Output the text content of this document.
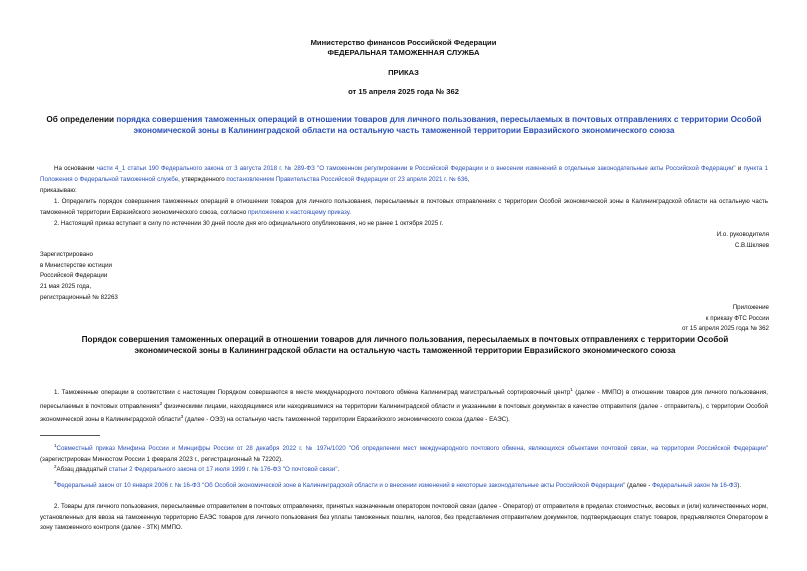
Министерство финансов Российской Федерации
ФЕДЕРАЛЬНАЯ ТАМОЖЕННАЯ СЛУЖБА
ПРИКАЗ
от 15 апреля 2025 года № 362
Об определении порядка совершения таможенных операций в отношении товаров для личного пользования, пересылаемых в почтовых отправлениях с территории Особой экономической зоны в Калининградской области на остальную часть таможенной территории Евразийского экономического союза
На основании части 4_1 статьи 190 Федерального закона от 3 августа 2018 г. № 289-ФЗ "О таможенном регулировании в Российской Федерации и о внесении изменений в отдельные законодательные акты Российской Федерации" и пункта 1 Положения о Федеральной таможенной службе, утвержденного постановлением Правительства Российской Федерации от 23 апреля 2021 г. № 636,
приказываю:
1. Определить порядок совершения таможенных операций в отношении товаров для личного пользования, пересылаемых в почтовых отправлениях с территории Особой экономической зоны в Калининградской области на остальную часть таможенной территории Евразийского экономического союза, согласно приложению к настоящему приказу.
2. Настоящий приказ вступает в силу по истечении 30 дней после дня его официального опубликования, но не ранее 1 октября 2025 г.
И.о. руководителя
С.В.Шкляев
Зарегистрировано
в Министерстве юстиции
Российской Федерации
21 мая 2025 года,
регистрационный № 82263
Приложение
к приказу ФТС России
от 15 апреля 2025 года № 362
Порядок совершения таможенных операций в отношении товаров для личного пользования, пересылаемых в почтовых отправлениях с территории Особой экономической зоны в Калининградской области на остальную часть таможенной территории Евразийского экономического союза
1. Таможенные операции в соответствии с настоящим Порядком совершаются в месте международного почтового обмена Калининград магистральный сортировочный центр$^1$ (далее - ММПО) в отношении товаров для личного пользования, пересылаемых в почтовых отправлениях$^2$ физическими лицами, находящимися или находившимися на территории Калининградской области и указанными в почтовых документах в качестве отправителя (далее - отправитель), с территории Особой экономической зоны в Калининградской области$^3$ (далее - ОЭЗ) на остальную часть таможенной территории Евразийского экономического союза (далее - ЕАЭС).
$^1$Совместный приказ Минфина России и Минцифры России от 28 декабря 2022 г. № 197н/1020 "Об определении мест международного почтового обмена, являющихся объектами почтовой связи, на территории Российской Федерации" (зарегистрирован Минюстом России 1 февраля 2023 г., регистрационный № 72202).
$^2$Абзац двадцатый статьи 2 Федерального закона от 17 июля 1999 г. № 176-ФЗ "О почтовой связи".
$^3$Федеральный закон от 10 января 2006 г. № 16-ФЗ "Об Особой экономической зоне в Калининградской области и о внесении изменений в некоторые законодательные акты Российской Федерации" (далее - Федеральный закон № 16-ФЗ).
2. Товары для личного пользования, пересылаемые отправителем в почтовых отправлениях, принятых назначенным оператором почтовой связи (далее - Оператор) от отправителя в пределах стоимостных, весовых и (или) количественных норм, установленных для ввоза на таможенную территорию ЕАЭС товаров для личного пользования без уплаты таможенных пошлин, налогов, без представления отправителем документов, подтверждающих статус товаров, предъявляются Оператором в зону таможенного контроля (далее - ЗТК) ММПО.
